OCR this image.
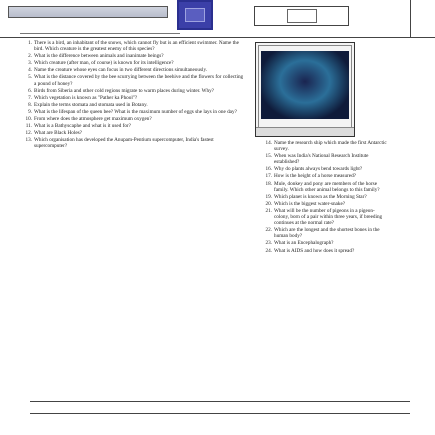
1. There is a bird, an inhabitant of the snows, which cannot fly but is an efficient swimmer. Name the bird. Which creature is the greatest enemy of this species?
2. What is the difference between animals and inanimate beings?
3. Which creature (after man, of course) is known for its intelligence?
4. Name the creature whose eyes can focus in two different directions simultaneously.
5. What is the distance covered by the bee scurrying between the beehive and the flowers for collecting a pound of honey?
6. Birds from Siberia and other cold regions migrate to warm places during winter. Why?
7. Which vegetation is known as "Pather ka Phool"?
8. Explain the terms stomata and stomata used in Botany.
9. What is the lifespan of the queen bee? What is the maximum number of eggs she lays in one day?
10. From where does the atmosphere get maximum oxygen?
11. What is a Bathyscaphe and what is it used for?
12. What are Black Holes?
13. Which organisation has developed the Anupam-Pentium supercomputer, India's fastest supercomputer?
14. Name the research ship which made the first Antarctic survey.
15. When was India's National Research Institute established?
16. Why do plants always bend towards light?
17. How is the height of a horse measured?
18. Mule, donkey and pony are members of the horse family. Which other animal belongs to this family?
19. Which planet is known as the Morning Star?
20. Which is the biggest water-snake?
21. What will be the number of pigeons in a pigeon-colony, born of a pair within three years, if breeding continues at the normal rate?
22. Which are the longest and the shortest bones in the human body?
23. What is an Encephalograph?
24. What is AIDS and how does it spread?
